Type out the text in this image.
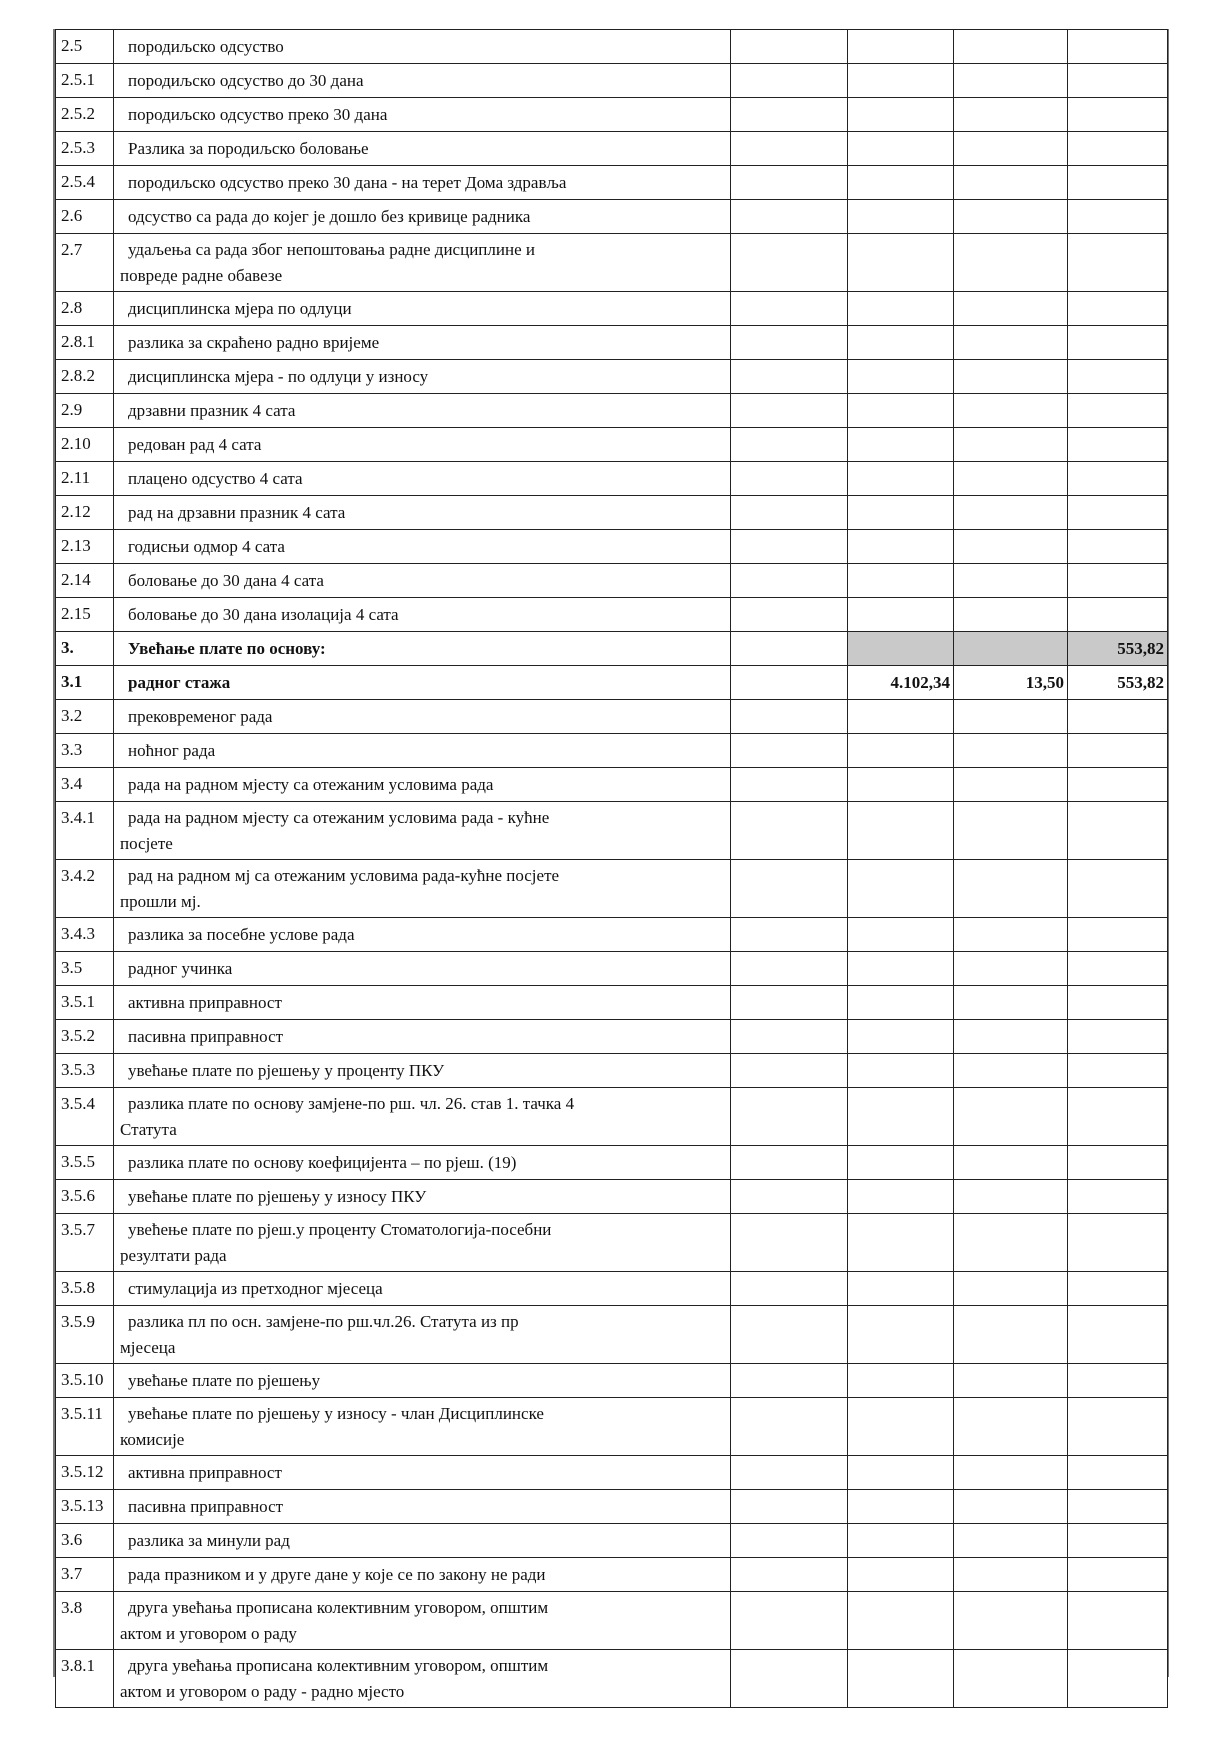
2.5	породиљско одсуство				

2.5.1	породиљско одсуство до 30 дана				

2.5.2	породиљско одсуство преко 30 дана				

2.5.3	Разлика за породиљско боловање				

2.5.4	породиљско одсуство преко 30 дана - на терет Дома здравља				

2.6	одсуство са рада до којег је дошло без кривице радника				

2.7	удаљења са рада због непоштовања радне дисциплине и
повреде радне обавезе				

2.8	дисциплинска мјера по одлуци				

2.8.1	разлика за скраћено радно вријеме				

2.8.2	дисциплинска мјера - по одлуци у износу				

2.9	дрзавни празник 4 сата				

2.10	редован рад 4 сата				

2.11	плацено одсуство 4 сата				

2.12	рад на дрзавни празник 4 сата				

2.13	годисњи одмор 4 сата				

2.14	боловање до 30 дана 4 сата				

2.15	боловање до 30 дана изолација 4 сата				

3.	Увећање плате по основу:				553,82
3.1	радног стажа		4.102,34	13,50	553,82
3.2	прековременог рада				

3.3	ноћног рада				

3.4	рада на радном мјесту са отежаним условима рада				

3.4.1	рада на радном мјесту са отежаним условима рада - кућне
посјете				

3.4.2	рад на радном мј са отежаним условима рада-кућне посјете
прошли мј.				

3.4.3	разлика за посебне услове рада				

3.5	радног учинка				

3.5.1	активна приправност				

3.5.2	пасивна приправност				

3.5.3	увећање плате по рјешењу у проценту ПКУ				

3.5.4	разлика плате по основу замјене-по рш. чл. 26. став 1. тачка 4
Статута				

3.5.5	разлика плате по основу коефицијента – по рјеш. (19)				

3.5.6	увећање плате по рјешењу у износу ПКУ				

3.5.7	увећење плате по рјеш.у проценту Стоматологија-посебни
резултати рада				

3.5.8	стимулација из претходног мјесеца				

3.5.9	разлика пл по осн. замјене-по рш.чл.26. Статута из пр
мјесеца				

3.5.10	увећање плате по рјешењу				

3.5.11	увећање плате по рјешењу у износу - члан Дисциплинске
комисије				

3.5.12	активна приправност				

3.5.13	пасивна приправност				

3.6	разлика за минули рад				

3.7	рада празником и у друге дане у које се по закону не ради				

3.8	друга увећања прописана колективним уговором, општим
актом и уговором о раду				

3.8.1	друга увећања прописана колективним уговором, општим
актом и уговором о раду - радно мјесто				
